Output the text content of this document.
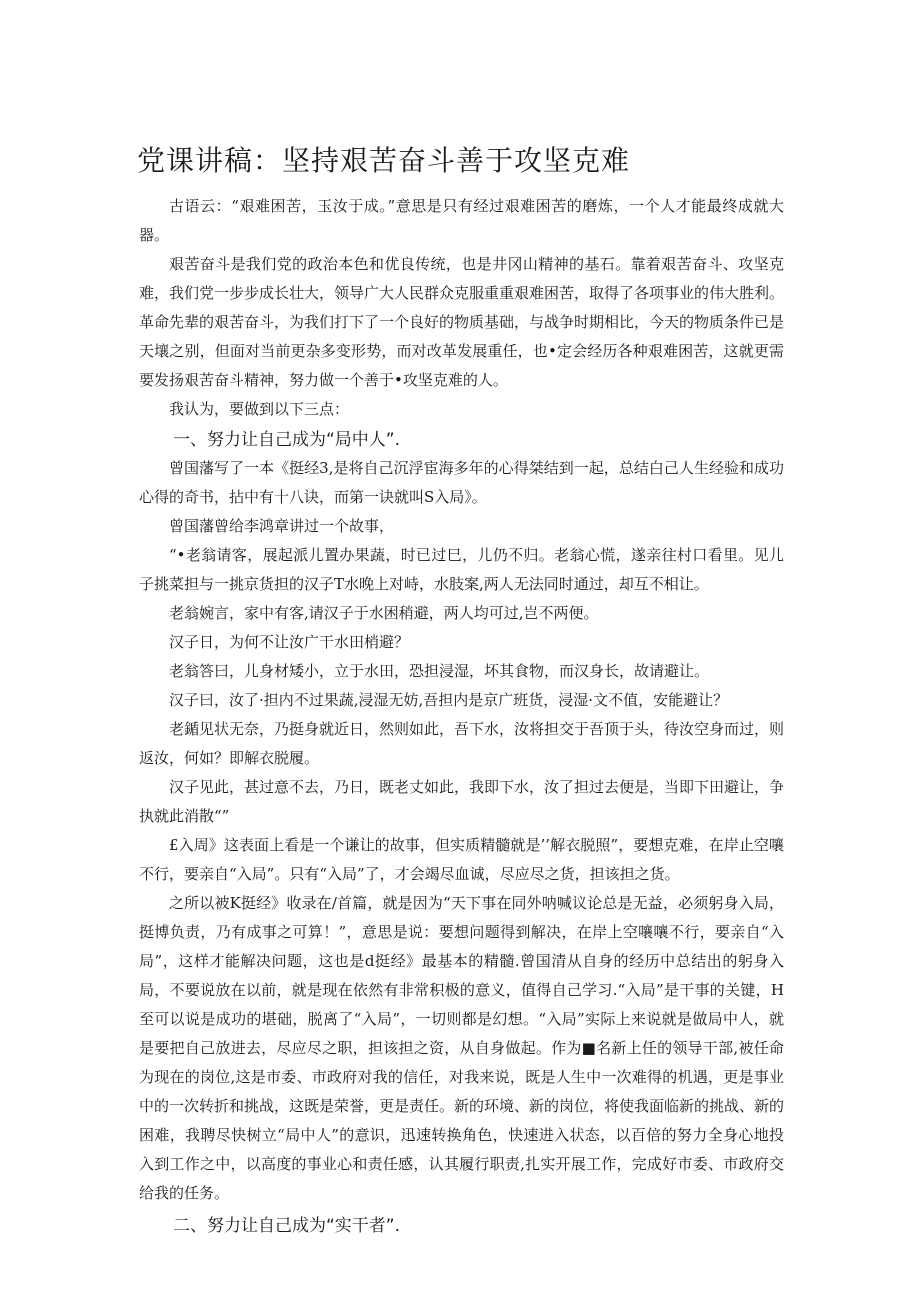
党课讲稿：坚持艰苦奋斗善于攻坚克难

古语云：“艰难困苦，玉汝于成。”意思是只有经过艰难困苦的磨炼，一个人才能最终成就大器。

艰苦奋斗是我们党的政治本色和优良传统，也是井冈山精神的基石。靠着艰苦奋斗、攻坚克难，我们党一步步成长壮大，领导广大人民群众克服重重艰难困苦，取得了各项事业的伟大胜利。革命先辈的艰苦奋斗，为我们打下了一个良好的物质基础，与战争时期相比，今天的物质条件已是天壤之别，但面对当前更杂多变形势，而对改革发展重任，也•定会经历各种艰难困苦，这就更需要发扬艰苦奋斗精神，努力做一个善于•攻坚克难的人。

我认为，要做到以下三点：

一、努力让自己成为“局中人”.

曾国藩写了一本《挺经3,是将自己沉浮宦海多年的心得桀结到一起，总结白己人生经验和成功心得的奇书，拈中有十八诀，而第一诀就叫S入局》。

曾国藩曾给李鸿章讲过一个故事，

“•老翁请客，展起派儿置办果蔬，时已过巳，儿仍不归。老翁心慌，遂亲往村口看里。见儿子挑菜担与一挑京货担的汉子T水晚上对峙，水肢案,两人无法同时通过，却互不相让。

老翁婉言，家中有客,请汉子于水困稍避，两人均可过,岂不两便。

汉子日，为何不让汝广干水田梢避？

老翁答曰，儿身材矮小，立于水田，恐担浸湿，坏其食物，而汉身长，故请避让。

汉子曰，汝了·担内不过果蔬,浸湿无妨,吾担内是京广班货，浸湿·文不值，安能避让？

老鍎见状无奈，乃挺身就近日，然则如此，吾下水，汝将担交于吾顶于头，待汝空身而过，则返汝，何如？即解衣脱履。

汉子见此，甚过意不去，乃日，既老丈如此，我即下水，汝了担过去便是，当即下田避让，争执就此消散“”

£入周》这表面上看是一个谦让的故事，但实质精髓就是’’解衣脱照”，要想克难，在岸止空嚷不行，要亲自“入局”。只有“入局”了，才会竭尽血诚，尽应尽之货，担该担之货。

之所以被K挺经》收录在/首篇，就是因为“天下事在同外呐喊议论总是无益，必须躬身入局，挺博负责，乃有成事之可算！”，意思是说：要想问题得到解决，在岸上空嚷嚷不行，要亲自“入局”，这样才能解决问题，这也是d挺经》最基本的精髓.曾国清从自身的经历中总结出的躬身入局，不要说放在以前，就是现在依然有非常积极的意义，值得自己学习.“入局”是干事的关键，H至可以说是成功的堪础，脱离了“入局”，一切则都是幻想。“入局”实际上来说就是做局中人，就是要把自己放进去，尽应尽之职，担该担之资，从自身做起。作为■名新上任的领导干部,被任命为现在的岗位,这是市委、市政府对我的信任，对我来说，既是人生中一次难得的机遇，更是事业中的一次转折和挑战，这既是荣誉，更是责任。新的环境、新的岗位，将使我面临新的挑战、新的困难，我聘尽快树立“局中人”的意识，迅速转换角色，快速进入状态，以百倍的努力全身心地投入到工作之中，以高度的事业心和责任感，认其履行职责,扎实开展工作，完成好市委、市政府交给我的任务。

二、努力让自己成为“实干者”.
